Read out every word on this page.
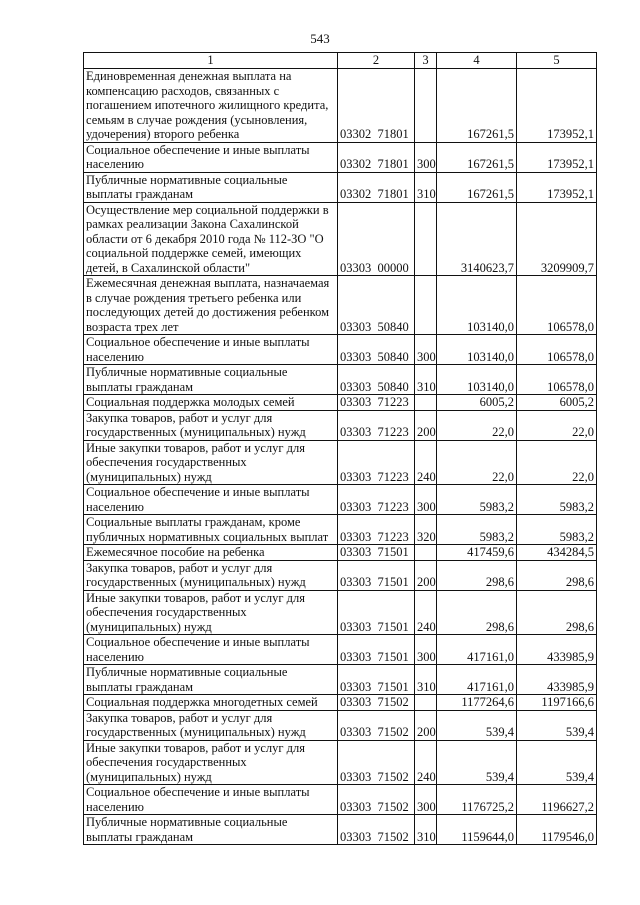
543
1	2	3	4	5
Единовременная денежная выплата на
компенсацию расходов, связанных с
погашением ипотечного жилищного кредита,
семьям в случае рождения (усыновления,
удочерения) второго ребенка	03302  71801		167261,5	173952,1
Социальное обеспечение и иные выплаты
населению	03302  71801	300	167261,5	173952,1
Публичные нормативные социальные
выплаты гражданам	03302  71801	310	167261,5	173952,1
Осуществление мер социальной поддержки в
рамках реализации Закона Сахалинской
области от 6 декабря 2010 года № 112-ЗО "О
социальной поддержке семей, имеющих
детей, в Сахалинской области"	03303  00000		3140623,7	3209909,7
Ежемесячная денежная выплата, назначаемая
в случае рождения третьего ребенка или
последующих детей до достижения ребенком
возраста трех лет	03303  50840		103140,0	106578,0
Социальное обеспечение и иные выплаты
населению	03303  50840	300	103140,0	106578,0
Публичные нормативные социальные
выплаты гражданам	03303  50840	310	103140,0	106578,0
Социальная поддержка молодых семей	03303  71223		6005,2	6005,2
Закупка товаров, работ и услуг для
государственных (муниципальных) нужд	03303  71223	200	22,0	22,0
Иные закупки товаров, работ и услуг для
обеспечения государственных
(муниципальных) нужд	03303  71223	240	22,0	22,0
Социальное обеспечение и иные выплаты
населению	03303  71223	300	5983,2	5983,2
Социальные выплаты гражданам, кроме
публичных нормативных социальных выплат	03303  71223	320	5983,2	5983,2
Ежемесячное пособие на ребенка	03303  71501		417459,6	434284,5
Закупка товаров, работ и услуг для
государственных (муниципальных) нужд	03303  71501	200	298,6	298,6
Иные закупки товаров, работ и услуг для
обеспечения государственных
(муниципальных) нужд	03303  71501	240	298,6	298,6
Социальное обеспечение и иные выплаты
населению	03303  71501	300	417161,0	433985,9
Публичные нормативные социальные
выплаты гражданам	03303  71501	310	417161,0	433985,9
Социальная поддержка многодетных семей	03303  71502		1177264,6	1197166,6
Закупка товаров, работ и услуг для
государственных (муниципальных) нужд	03303  71502	200	539,4	539,4
Иные закупки товаров, работ и услуг для
обеспечения государственных
(муниципальных) нужд	03303  71502	240	539,4	539,4
Социальное обеспечение и иные выплаты
населению	03303  71502	300	1176725,2	1196627,2
Публичные нормативные социальные
выплаты гражданам	03303  71502	310	1159644,0	1179546,0
